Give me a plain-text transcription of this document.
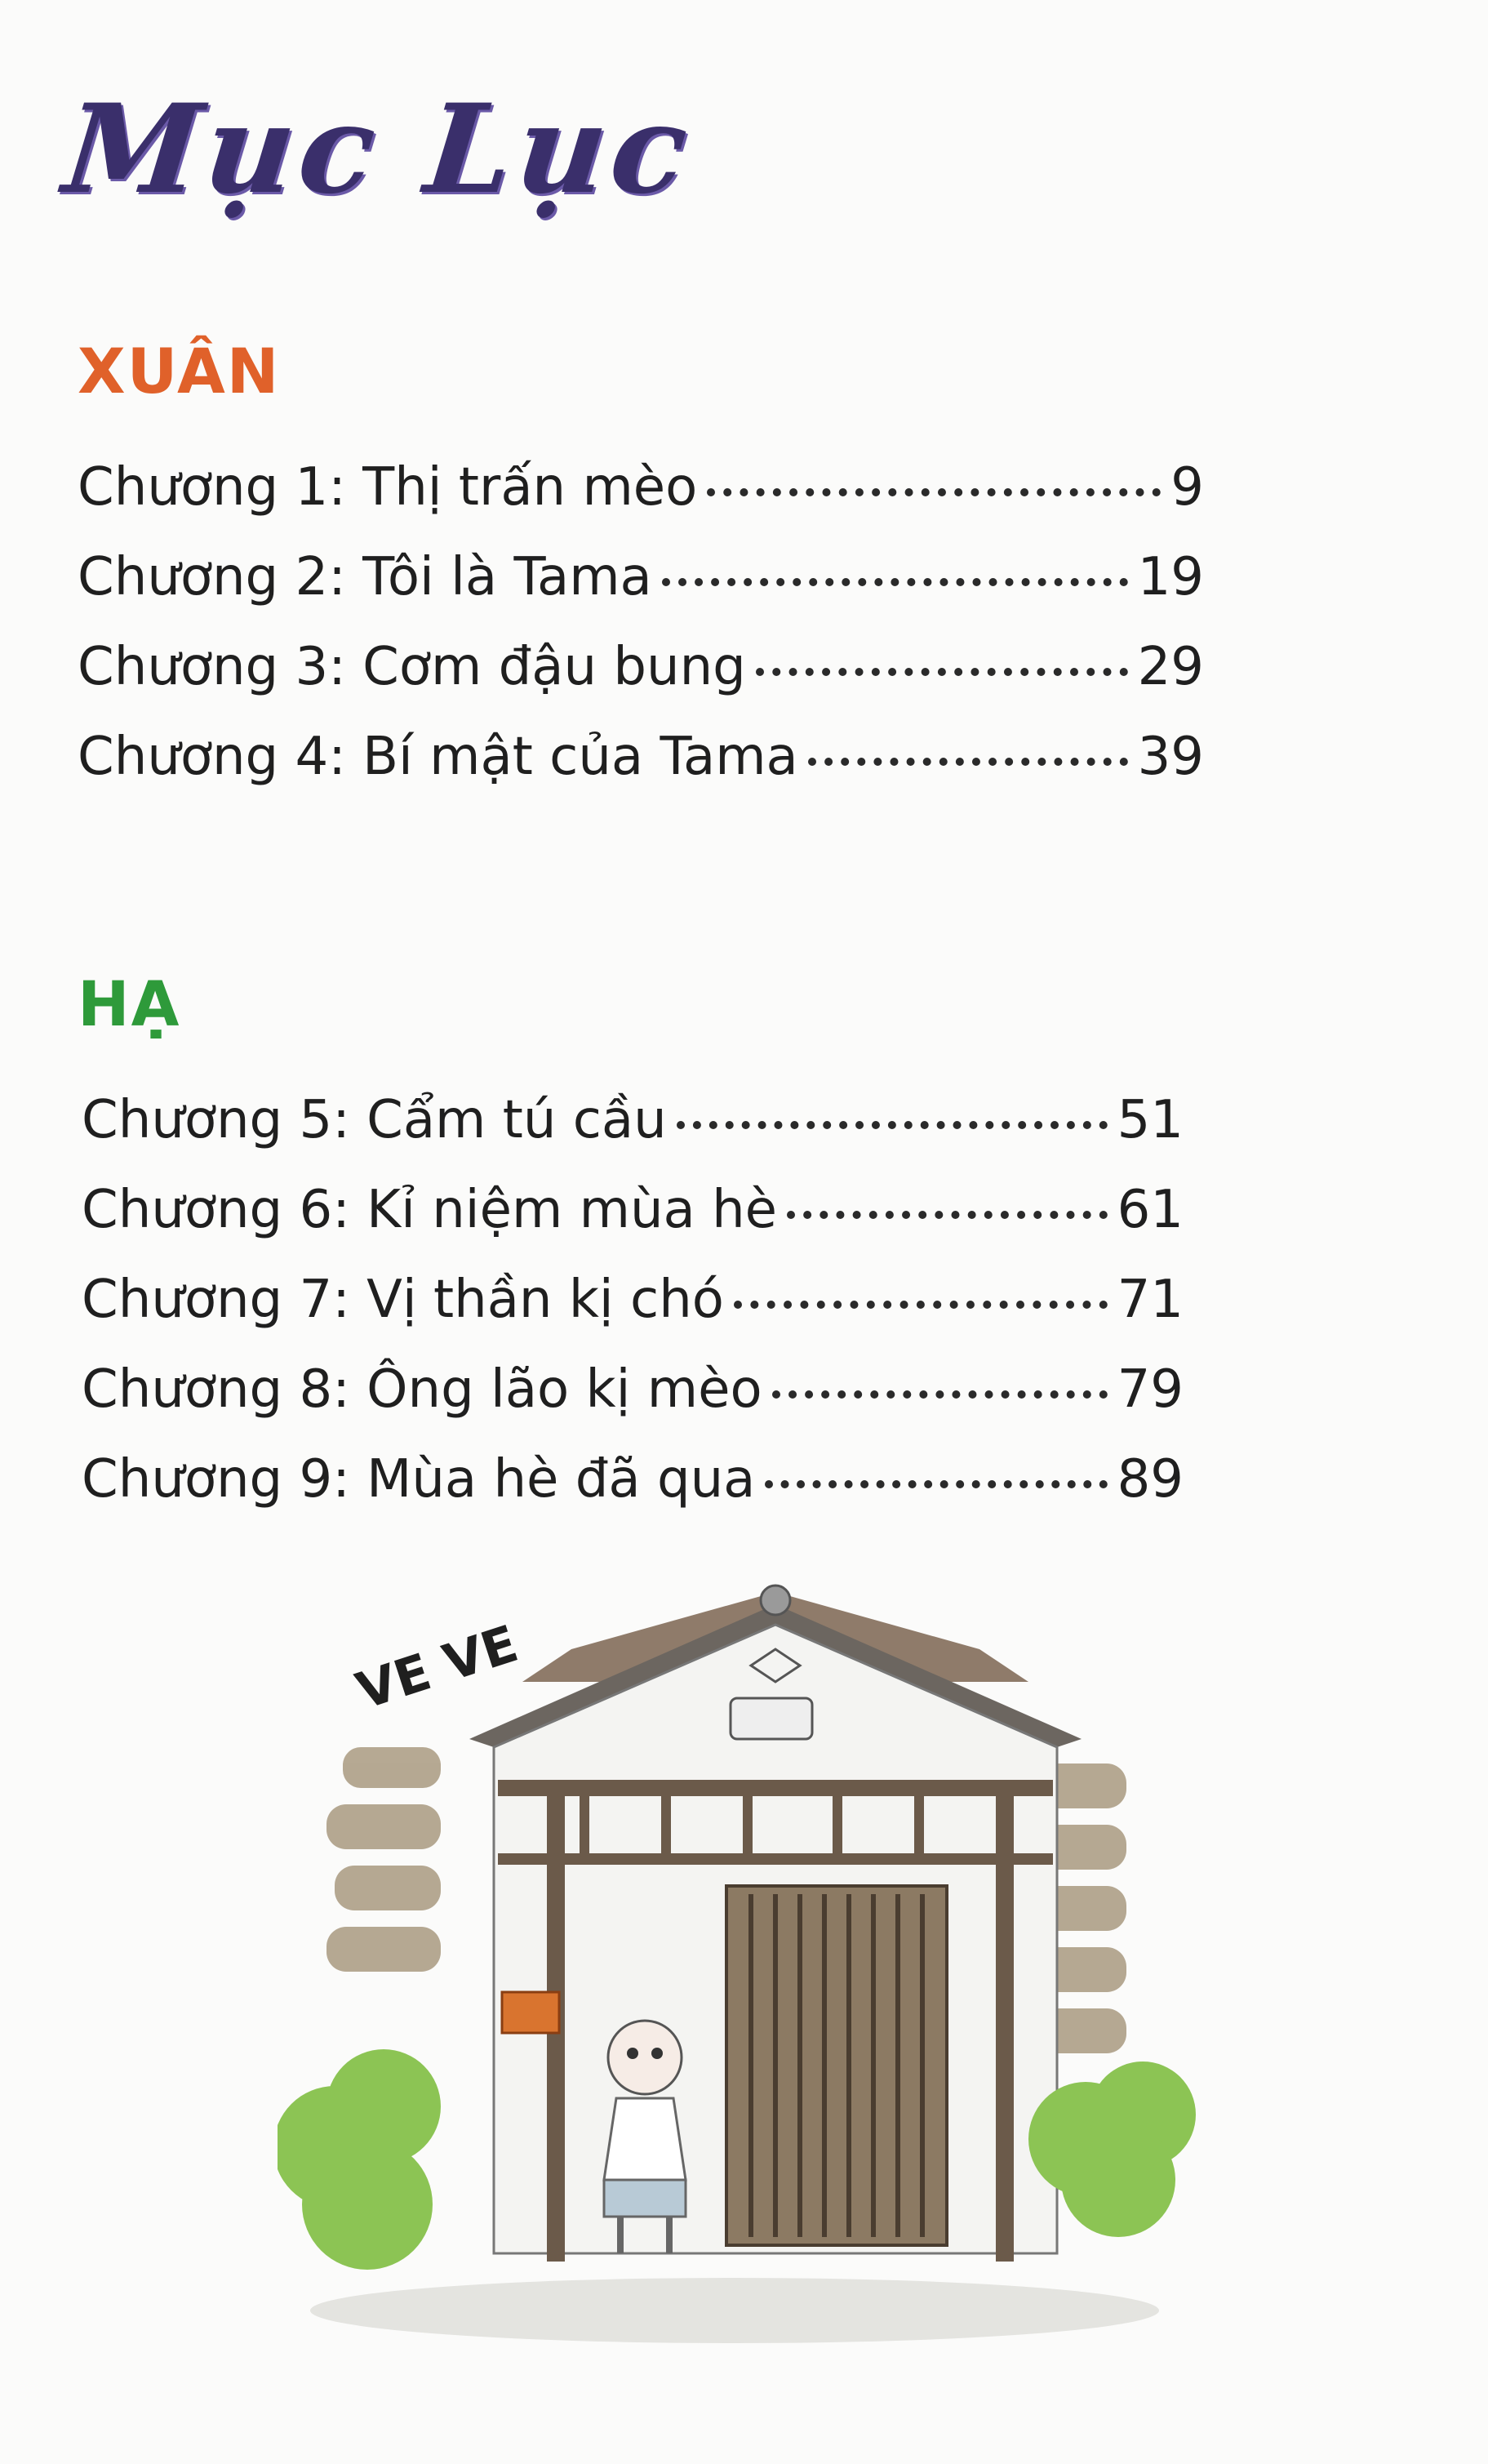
Mục Lục
XUÂN
Chương 1: Thị trấn mèo	9
Chương 2: Tôi là Tama	19
Chương 3: Cơm đậu bung	29
Chương 4: Bí mật của Tama	39
HẠ
Chương 5: Cẩm tú cầu	51
Chương 6: Kỉ niệm mùa hè	61
Chương 7: Vị thần kị chó	71
Chương 8: Ông lão kị mèo	79
Chương 9: Mùa hè đã qua	89
VE VE
